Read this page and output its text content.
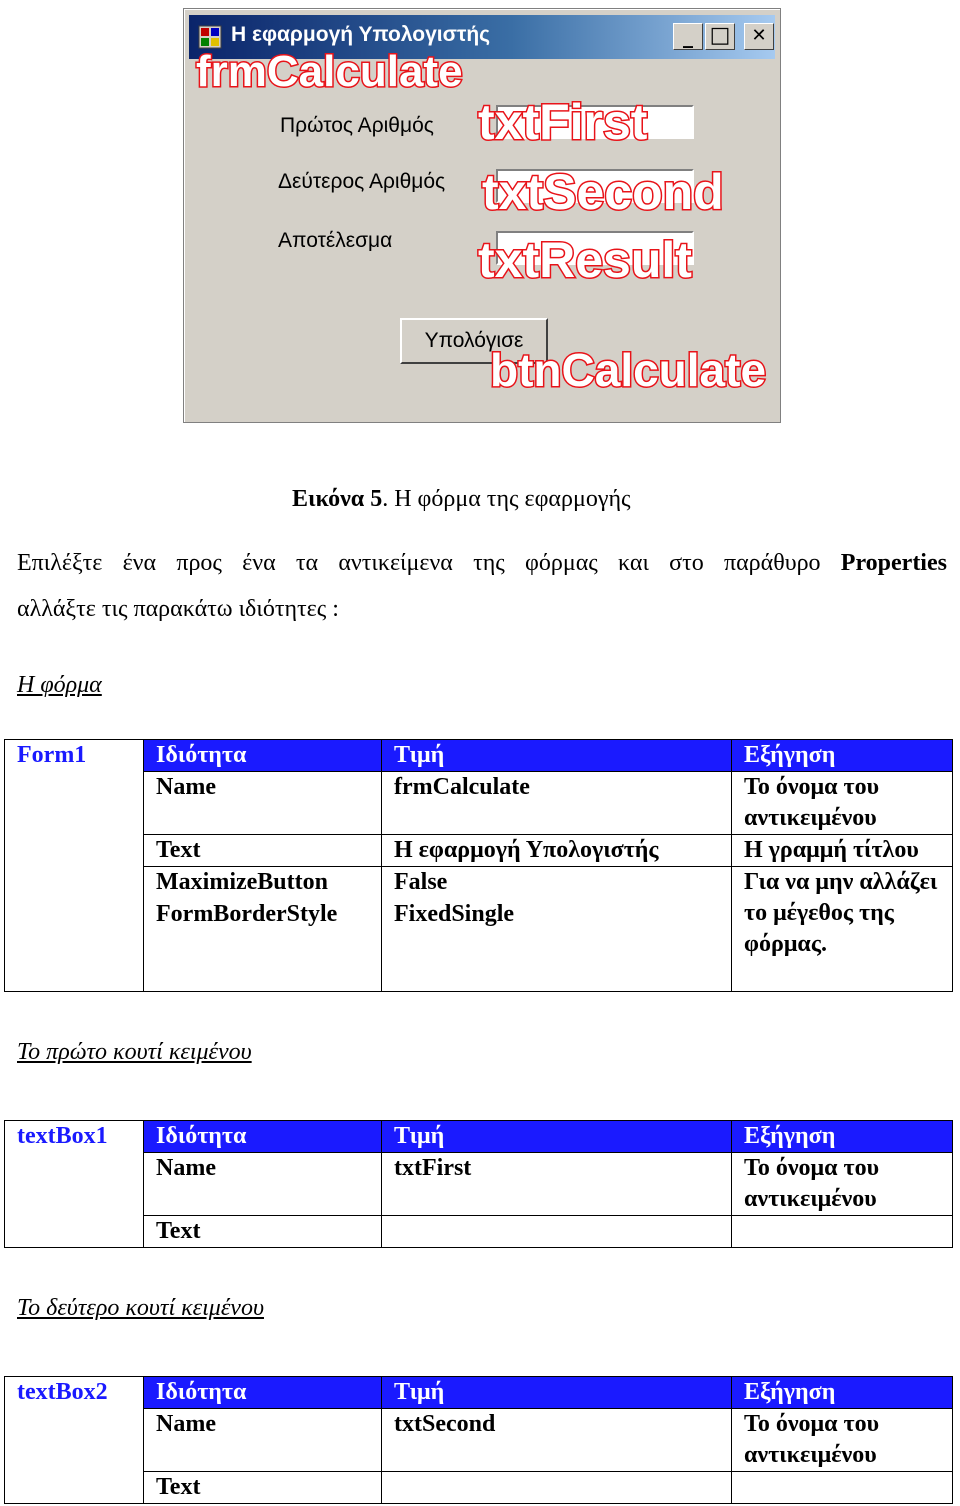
Η εφαρμογή Υπολογιστής	_ □	✕
frmCalculate
Πρώτος Αριθμός
Δεύτερος Αριθμός
Αποτέλεσμα
txtFirst
txtSecond
txtResult
Υπολόγισε
btnCalculate
Εικόνα 5. Η φόρμα της εφαρμογής
Επιλέξτε ένα προς ένα τα αντικείμενα της φόρμας και στο παράθυρο Properties
αλλάξτε τις παρακάτω ιδιότητες :
Η φόρμα
Form1	Ιδιότητα	Τιμή	Εξήγηση
	Name	frmCalculate	Το όνομα του αντικειμένου
	Text	Η εφαρμογή Υπολογιστής	Η γραμμή τίτλου
	MaximizeButton	False	Για να μην αλλάζει το μέγεθος της φόρμας.
	FormBorderStyle	FixedSingle	
Το πρώτο κουτί κειμένου
textBox1	Ιδιότητα	Τιμή	Εξήγηση
	Name	txtFirst	Το όνομα του αντικειμένου
	Text		
Το δεύτερο κουτί κειμένου
textBox2	Ιδιότητα	Τιμή	Εξήγηση
	Name	txtSecond	Το όνομα του αντικειμένου
	Text		
